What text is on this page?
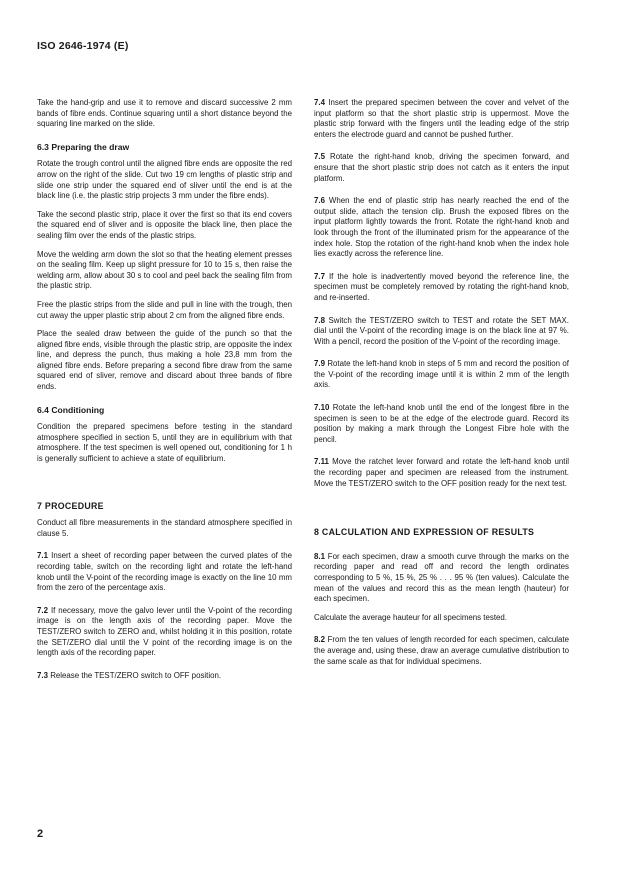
ISO 2646-1974 (E)

Take the hand-grip and use it to remove and discard successive 2 mm bands of fibre ends. Continue squaring until a short distance beyond the squaring line marked on the slide.

6.3 Preparing the draw

Rotate the trough control until the aligned fibre ends are opposite the red arrow on the right of the slide. Cut two 19 cm lengths of plastic strip and slide one strip under the squared end of sliver until the end is at the black line (i.e. the plastic strip projects 3 mm under the fibre ends).

Take the second plastic strip, place it over the first so that its end covers the squared end of sliver and is opposite the black line, then place the sealing film over the ends of the plastic strips.

Move the welding arm down the slot so that the heating element presses on the sealing film. Keep up slight pressure for 10 to 15 s, then raise the welding arm, allow about 30 s to cool and peel back the sealing film from the plastic strip.

Free the plastic strips from the slide and pull in line with the trough, then cut away the upper plastic strip about 2 cm from the aligned fibre ends.

Place the sealed draw between the guide of the punch so that the aligned fibre ends, visible through the plastic strip, are opposite the index line, and depress the punch, thus making a hole 23,8 mm from the aligned fibre ends. Before preparing a second fibre draw from the same squared end of sliver, remove and discard about three bands of fibre ends.

6.4 Conditioning

Condition the prepared specimens before testing in the standard atmosphere specified in section 5, until they are in equilibrium with that atmosphere. If the test specimen is well opened out, conditioning for 1 h is generally sufficient to achieve a state of equilibrium.

7 PROCEDURE

Conduct all fibre measurements in the standard atmosphere specified in clause 5.

7.1 Insert a sheet of recording paper between the curved plates of the recording table, switch on the recording light and rotate the left-hand knob until the V-point of the recording image is exactly on the line 10 mm from the zero of the percentage axis.

7.2 If necessary, move the galvo lever until the V-point of the recording image is on the length axis of the recording paper. Move the TEST/ZERO switch to ZERO and, whilst holding it in this position, rotate the SET/ZERO dial until the V point of the recording image is on the length axis of the recording paper.

7.3 Release the TEST/ZERO switch to OFF position.

7.4 Insert the prepared specimen between the cover and velvet of the input platform so that the short plastic strip is uppermost. Move the plastic strip forward with the fingers until the leading edge of the strip enters the electrode guard and cannot be pushed further.

7.5 Rotate the right-hand knob, driving the specimen forward, and ensure that the short plastic strip does not catch as it enters the input platform.

7.6 When the end of plastic strip has nearly reached the end of the output slide, attach the tension clip. Brush the exposed fibres on the input platform lightly towards the front. Rotate the right-hand knob and look through the front of the illuminated prism for the appearance of the index hole. Stop the rotation of the right-hand knob when the index hole lies exactly across the reference line.

7.7 If the hole is inadvertently moved beyond the reference line, the specimen must be completely removed by rotating the right-hand knob, and re-inserted.

7.8 Switch the TEST/ZERO switch to TEST and rotate the SET MAX. dial until the V-point of the recording image is on the black line at 97 %. With a pencil, record the position of the V-point of the recording image.

7.9 Rotate the left-hand knob in steps of 5 mm and record the position of the V-point of the recording image until it is within 2 mm of the length axis.

7.10 Rotate the left-hand knob until the end of the longest fibre in the specimen is seen to be at the edge of the electrode guard. Record its position by making a mark through the Longest Fibre hole with the pencil.

7.11 Move the ratchet lever forward and rotate the left-hand knob until the recording paper and specimen are released from the instrument. Move the TEST/ZERO switch to the OFF position ready for the next test.

8 CALCULATION AND EXPRESSION OF RESULTS

8.1 For each specimen, draw a smooth curve through the marks on the recording paper and read off and record the length ordinates corresponding to 5 %, 15 %, 25 % . . . 95 % (ten values). Calculate the mean of the values and record this as the mean length (hauteur) for each specimen.

Calculate the average hauteur for all specimens tested.

8.2 From the ten values of length recorded for each specimen, calculate the average and, using these, draw an average cumulative distribution to the same scale as that for individual specimens.

2
